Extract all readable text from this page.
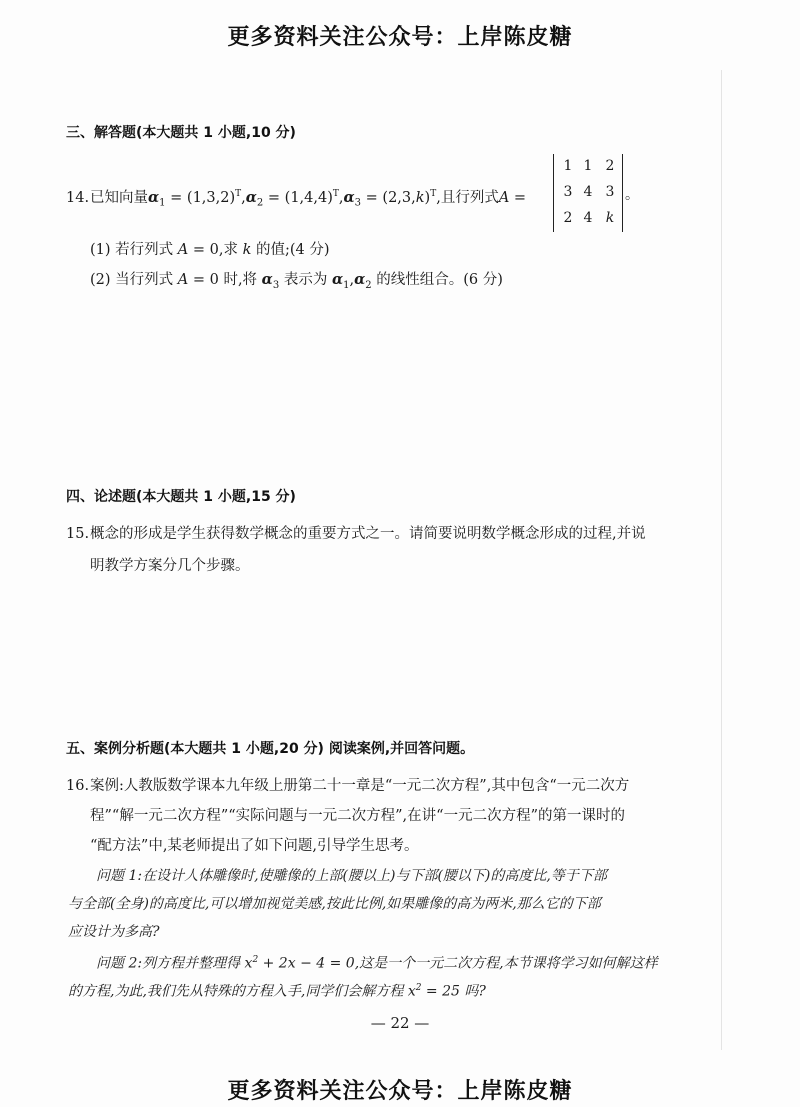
更多资料关注公众号：上岸陈皮糖
三、解答题(本大题共 1 小题,10 分)
14.已知向量$\alpha_1 = (1,3,2)^T,\alpha_2 = (1,4,4)^T,\alpha_3 = (2,3,k)^T$,且行列式A =
1 1 2
3 4 3
2 4 k
。
(1) 若行列式 A = 0,求 k 的值;(4 分)
(2) 当行列式 A = 0 时,将 $\alpha_3$ 表示为 $\alpha_1,\alpha_2$ 的线性组合。(6 分)
四、论述题(本大题共 1 小题,15 分)
15.概念的形成是学生获得数学概念的重要方式之一。请简要说明数学概念形成的过程,并说
明教学方案分几个步骤。
五、案例分析题(本大题共 1 小题,20 分) 阅读案例,并回答问题。
16.案例:人教版数学课本九年级上册第二十一章是“一元二次方程”,其中包含“一元二次方
程”“解一元二次方程”“实际问题与一元二次方程”,在讲“一元二次方程”的第一课时的
“配方法”中,某老师提出了如下问题,引导学生思考。
问题 1:在设计人体雕像时,使雕像的上部(腰以上)与下部(腰以下)的高度比,等于下部
与全部(全身)的高度比,可以增加视觉美感,按此比例,如果雕像的高为两米,那么它的下部
应设计为多高?
问题 2:列方程并整理得 $x^2 + 2x - 4 = 0$,这是一个一元二次方程,本节课将学习如何解这样
的方程,为此,我们先从特殊的方程入手,同学们会解方程 $x^2 = 25$ 吗?
— 22 —
更多资料关注公众号：上岸陈皮糖
